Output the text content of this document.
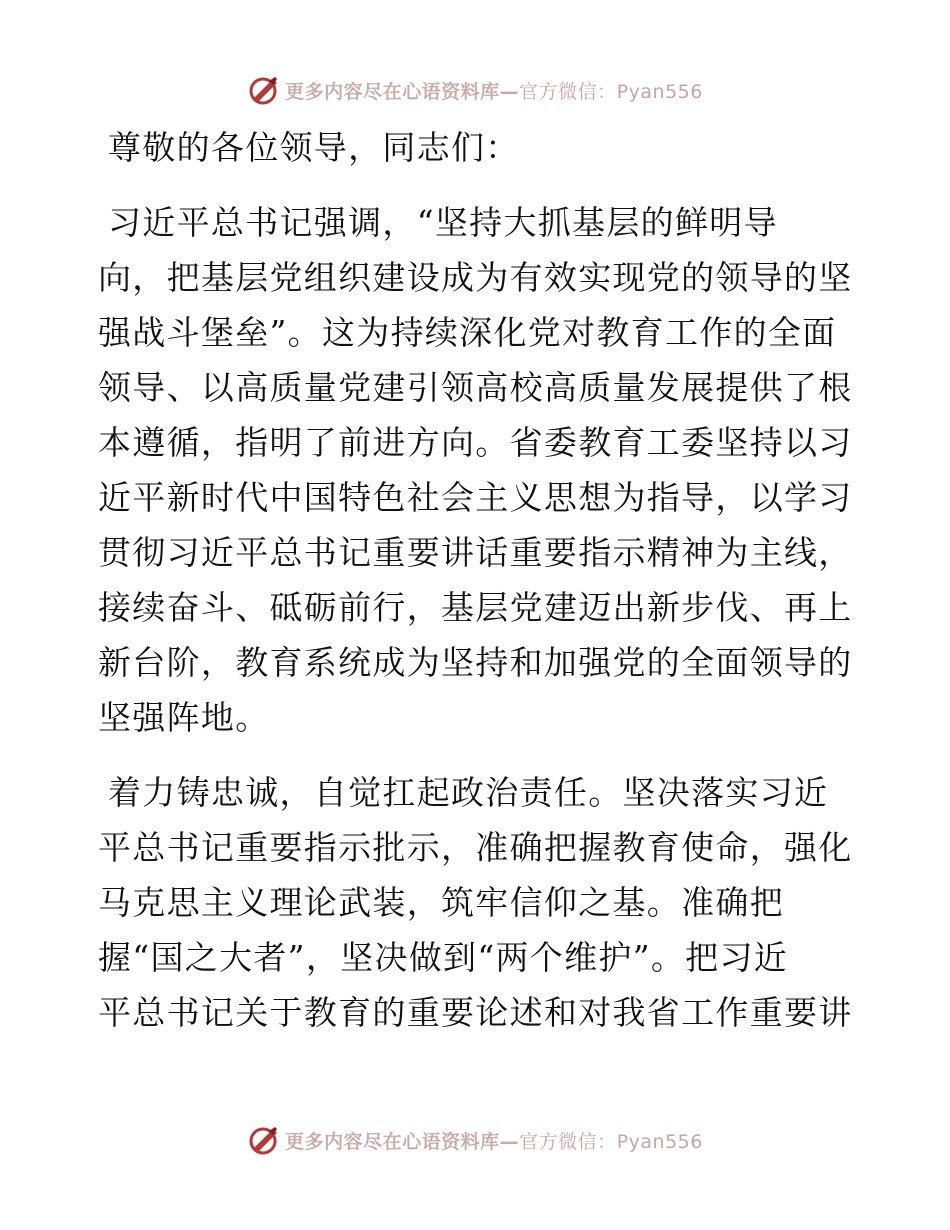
更多内容尽在心语资料库—官方微信：Pyan556
尊敬的各位领导，同志们：
习近平总书记强调，“坚持大抓基层的鲜明导
向，把基层党组织建设成为有效实现党的领导的坚
强战斗堡垒”。这为持续深化党对教育工作的全面
领导、以高质量党建引领高校高质量发展提供了根
本遵循，指明了前进方向。省委教育工委坚持以习
近平新时代中国特色社会主义思想为指导，以学习
贯彻习近平总书记重要讲话重要指示精神为主线，
接续奋斗、砥砺前行，基层党建迈出新步伐、再上
新台阶，教育系统成为坚持和加强党的全面领导的
坚强阵地。
着力铸忠诚，自觉扛起政治责任。坚决落实习近
平总书记重要指示批示，准确把握教育使命，强化
马克思主义理论武装，筑牢信仰之基。准确把
握“国之大者”，坚决做到“两个维护”。把习近
平总书记关于教育的重要论述和对我省工作重要讲
更多内容尽在心语资料库—官方微信：Pyan556
